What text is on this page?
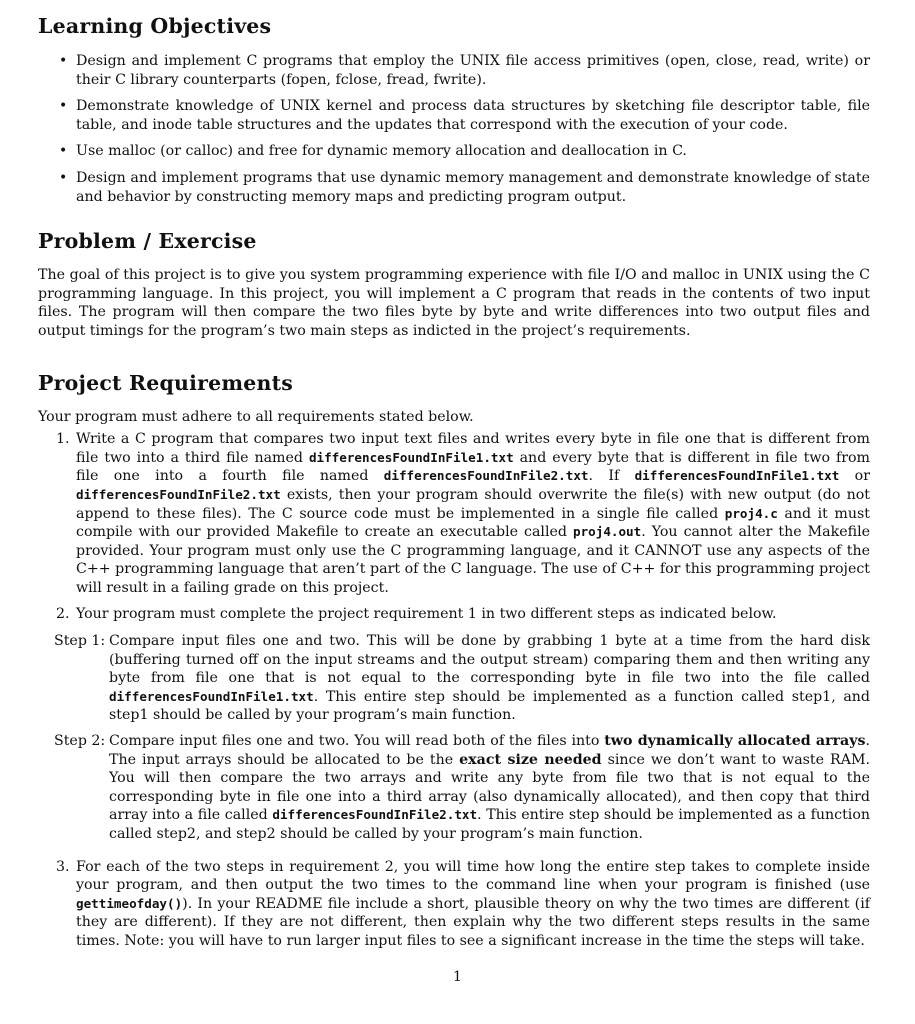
Learning Objectives
• Design and implement C programs that employ the UNIX file access primitives (open, close, read, write) or their C library counterparts (fopen, fclose, fread, fwrite).
• Demonstrate knowledge of UNIX kernel and process data structures by sketching file descriptor table, file table, and inode table structures and the updates that correspond with the execution of your code.
• Use malloc (or calloc) and free for dynamic memory allocation and deallocation in C.
• Design and implement programs that use dynamic memory management and demonstrate knowledge of state and behavior by constructing memory maps and predicting program output.
Problem / Exercise

The goal of this project is to give you system programming experience with file I/O and malloc in UNIX using the C programming language. In this project, you will implement a C program that reads in the contents of two input files. The program will then compare the two files byte by byte and write differences into two output files and output timings for the program’s two main steps as indicted in the project’s requirements.

Project Requirements

Your program must adhere to all requirements stated below.

1. Write a C program that compares two input text files and writes every byte in file one that is different from file two into a third file named differencesFoundInFile1.txt and every byte that is different in file two from file one into a fourth file named differencesFoundInFile2.txt. If differencesFoundInFile1.txt or differencesFoundInFile2.txt exists, then your program should overwrite the file(s) with new output (do not append to these files). The C source code must be implemented in a single file called proj4.c and it must compile with our provided Makefile to create an executable called proj4.out. You cannot alter the Makefile provided. Your program must only use the C programming language, and it CANNOT use any aspects of the C++ programming language that aren’t part of the C language. The use of C++ for this programming project will result in a failing grade on this project.
2. Your program must complete the project requirement 1 in two different steps as indicated below.
Step 1: Compare input files one and two. This will be done by grabbing 1 byte at a time from the hard disk (buffering turned off on the input streams and the output stream) comparing them and then writing any byte from file one that is not equal to the corresponding byte in file two into the file called differencesFoundInFile1.txt. This entire step should be implemented as a function called step1, and step1 should be called by your program’s main function.
Step 2: Compare input files one and two. You will read both of the files into two dynamically allocated arrays. The input arrays should be allocated to be the exact size needed since we don’t want to waste RAM. You will then compare the two arrays and write any byte from file two that is not equal to the corresponding byte in file one into a third array (also dynamically allocated), and then copy that third array into a file called differencesFoundInFile2.txt. This entire step should be implemented as a function called step2, and step2 should be called by your program’s main function.
3. For each of the two steps in requirement 2, you will time how long the entire step takes to complete inside your program, and then output the two times to the command line when your program is finished (use gettimeofday()). In your README file include a short, plausible theory on why the two times are different (if they are different). If they are not different, then explain why the two different steps results in the same times. Note: you will have to run larger input files to see a significant increase in the time the steps will take.
1
